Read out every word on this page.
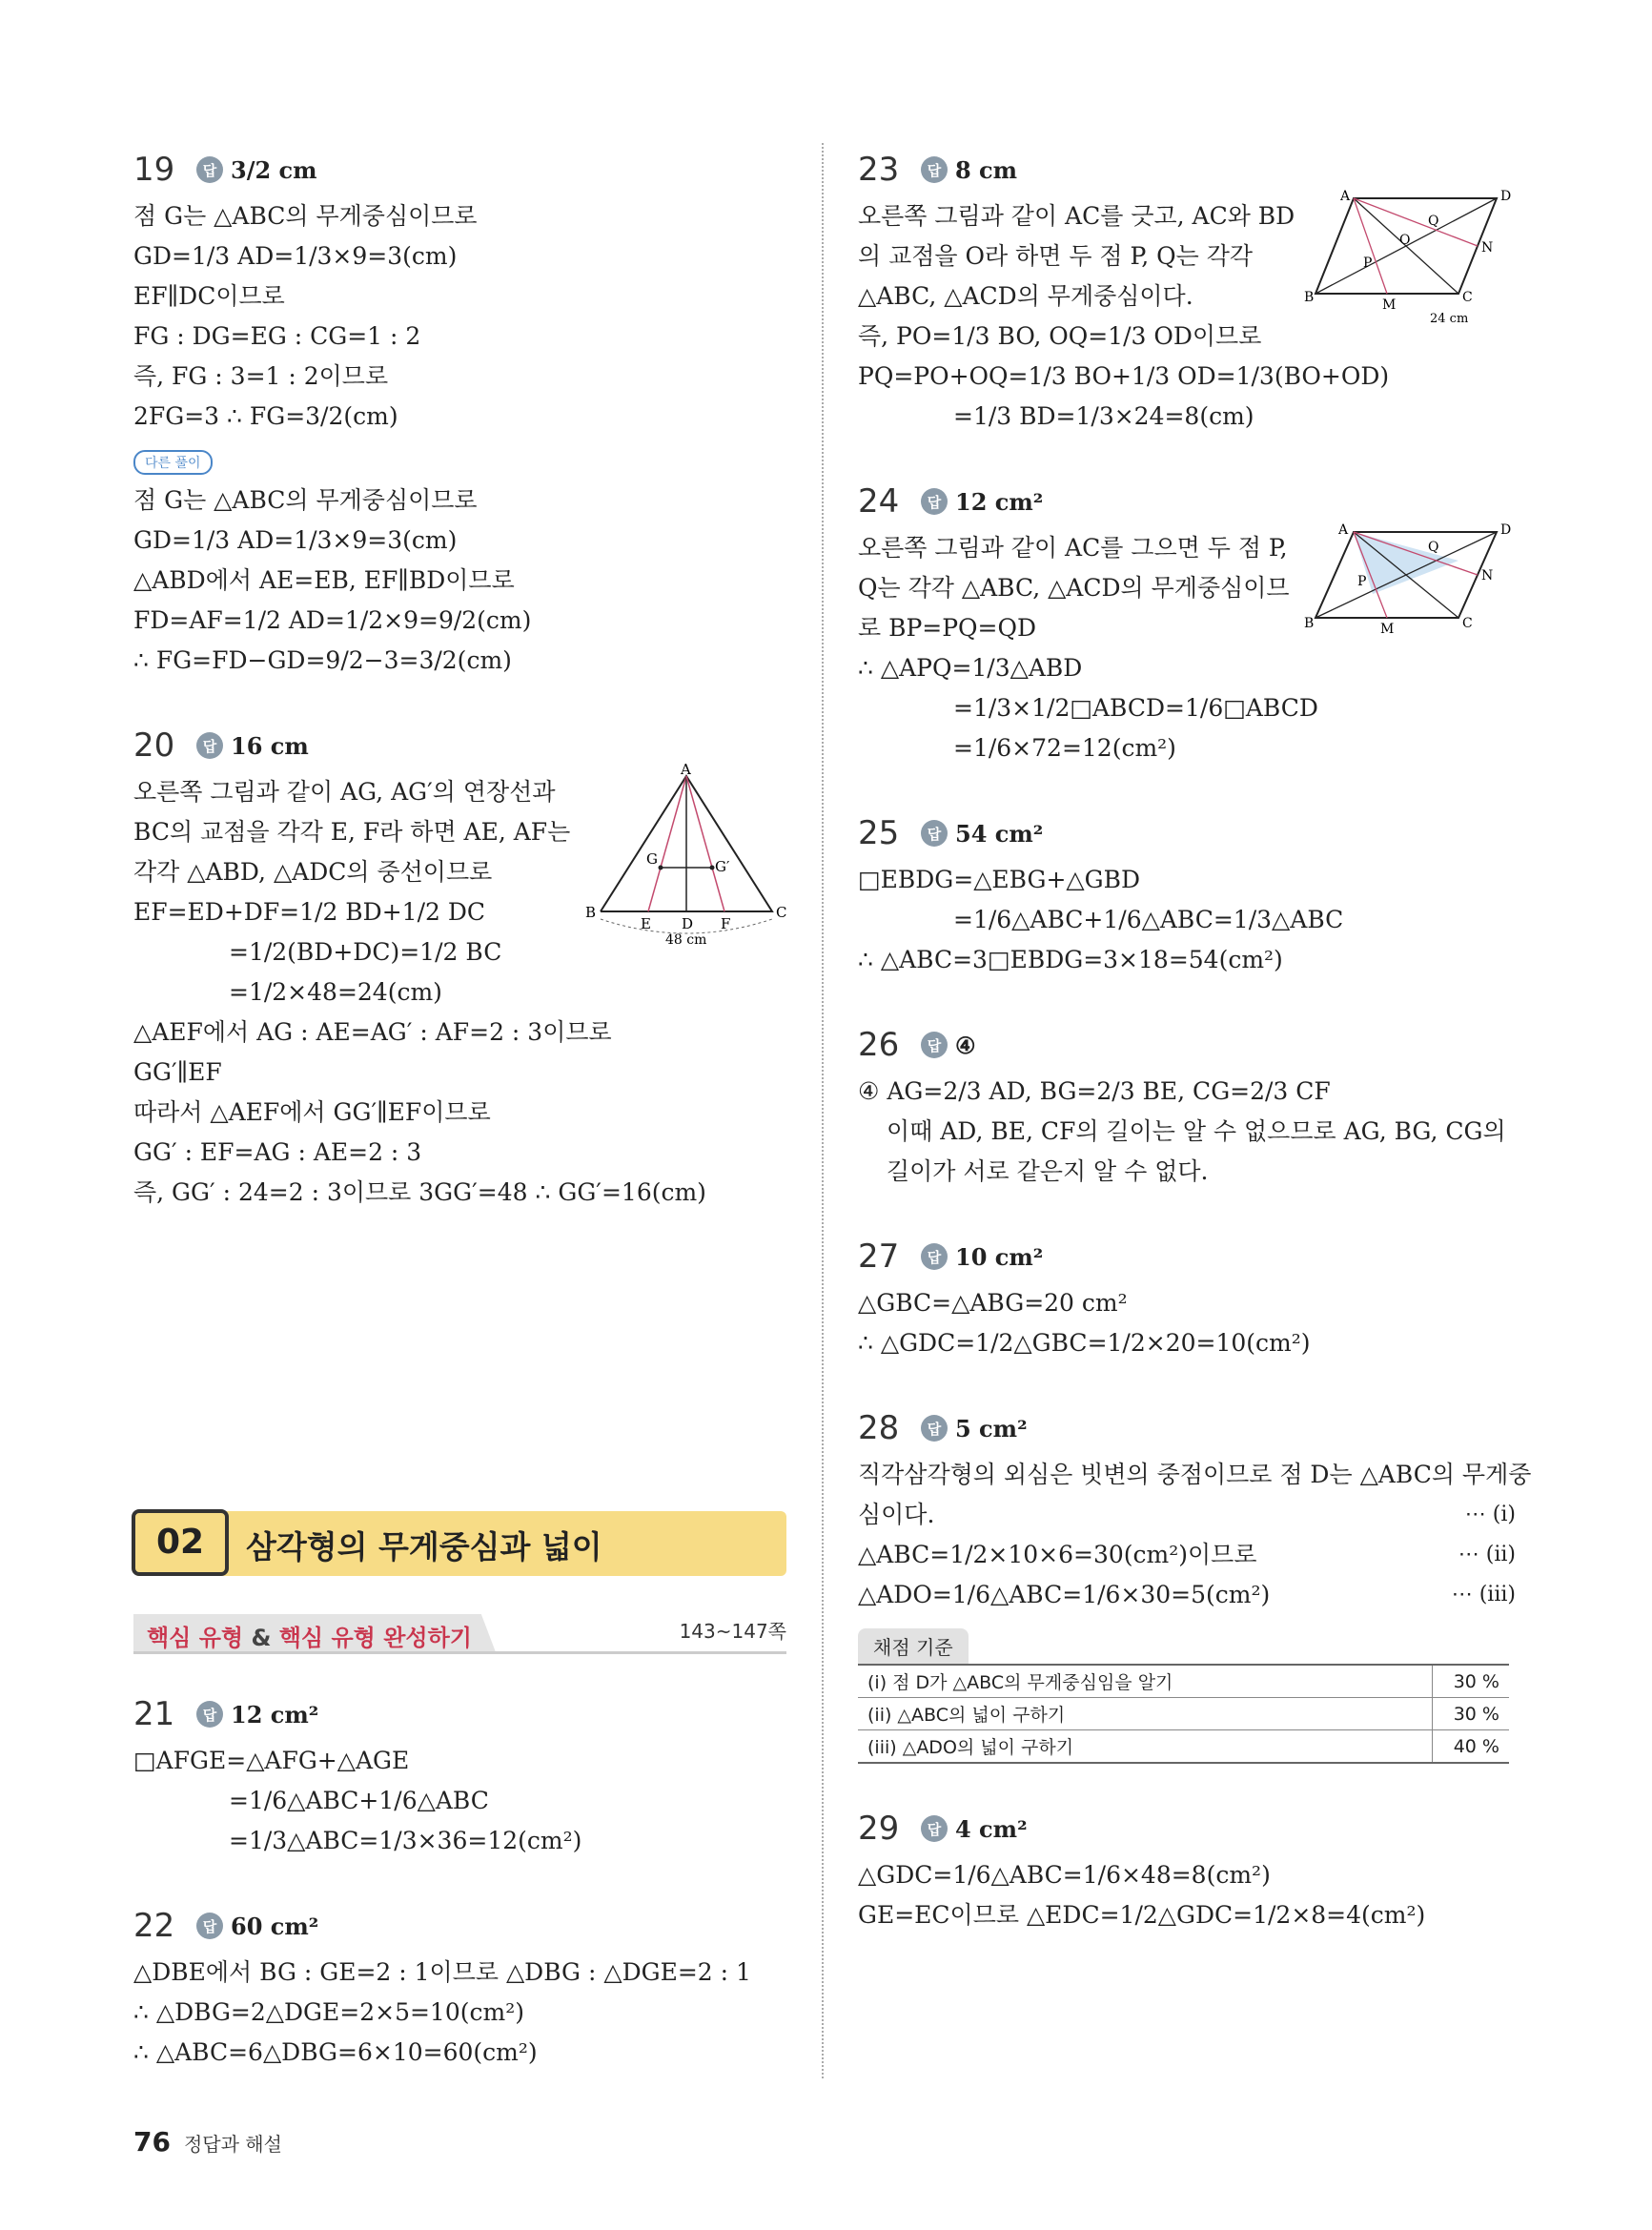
19	답 3/2 cm
점 G는 △ABC의 무게중심이므로
GD=1/3 AD=1/3×9=3(cm)
EF∥DC이므로
FG : DG=EG : CG=1 : 2
즉, FG : 3=1 : 2이므로
2FG=3 ∴ FG=3/2(cm)
다른 풀이
점 G는 △ABC의 무게중심이므로
GD=1/3 AD=1/3×9=3(cm)
△ABD에서 AE=EB, EF∥BD이므로
FD=AF=1/2 AD=1/2×9=9/2(cm)
∴ FG=FD−GD=9/2−3=3/2(cm)
20	답 16 cm
오른쪽 그림과 같이 AG, AG′의 연장선과
BC의 교점을 각각 E, F라 하면 AE, AF는
각각 △ABD, △ADC의 중선이므로
EF=ED+DF=1/2 BD+1/2 DC
=1/2(BD+DC)=1/2 BC
=1/2×48=24(cm)
△AEF에서 AG : AE=AG′ : AF=2 : 3이므로
GG′∥EF
따라서 △AEF에서 GG′∥EF이므로
GG′ : EF=AG : AE=2 : 3
즉, GG′ : 24=2 : 3이므로 3GG′=48 ∴ GG′=16(cm)
A
B	C
E D F
G	G′
48 cm
02	삼각형의 무게중심과 넓이
핵심 유형 & 핵심 유형 완성하기	143~147쪽
21	답 12 cm²
□AFGE=△AFG+△AGE
=1/6△ABC+1/6△ABC
=1/3△ABC=1/3×36=12(cm²)
22	답 60 cm²
△DBE에서 BG : GE=2 : 1이므로 △DBG : △DGE=2 : 1
∴ △DBG=2△DGE=2×5=10(cm²)
∴ △ABC=6△DBG=6×10=60(cm²)
23	답 8 cm
오른쪽 그림과 같이 AC를 긋고, AC와 BD
의 교점을 O라 하면 두 점 P, Q는 각각
△ABC, △ACD의 무게중심이다.
즉, PO=1/3 BO, OQ=1/3 OD이므로
PQ=PO+OQ=1/3 BO+1/3 OD=1/3(BO+OD)
=1/3 BD=1/3×24=8(cm)
A	D
B	C
O
P
Q
M
N
24 cm
24	답 12 cm²
오른쪽 그림과 같이 AC를 그으면 두 점 P,
Q는 각각 △ABC, △ACD의 무게중심이므
로 BP=PQ=QD
∴ △APQ=1/3△ABD
=1/3×1/2□ABCD=1/6□ABCD
=1/6×72=12(cm²)
A	D
B	C
P
Q
M
N
25	답 54 cm²
□EBDG=△EBG+△GBD
=1/6△ABC+1/6△ABC=1/3△ABC
∴ △ABC=3□EBDG=3×18=54(cm²)
26	답 ④
④ AG=2/3 AD, BG=2/3 BE, CG=2/3 CF
이때 AD, BE, CF의 길이는 알 수 없으므로 AG, BG, CG의
길이가 서로 같은지 알 수 없다.
27	답 10 cm²
△GBC=△ABG=20 cm²
∴ △GDC=1/2△GBC=1/2×20=10(cm²)
28	답 5 cm²
직각삼각형의 외심은 빗변의 중점이므로 점 D는 △ABC의 무게중
심이다.	⋯ (i)
△ABC=1/2×10×6=30(cm²)이므로	⋯ (ii)
△ADO=1/6△ABC=1/6×30=5(cm²)	⋯ (iii)
채점 기준
(i) 점 D가 △ABC의 무게중심임을 알기	30 %
(ii) △ABC의 넓이 구하기	30 %
(iii) △ADO의 넓이 구하기	40 %
29	답 4 cm²
△GDC=1/6△ABC=1/6×48=8(cm²)
GE=EC이므로 △EDC=1/2△GDC=1/2×8=4(cm²)
76 정답과 해설
